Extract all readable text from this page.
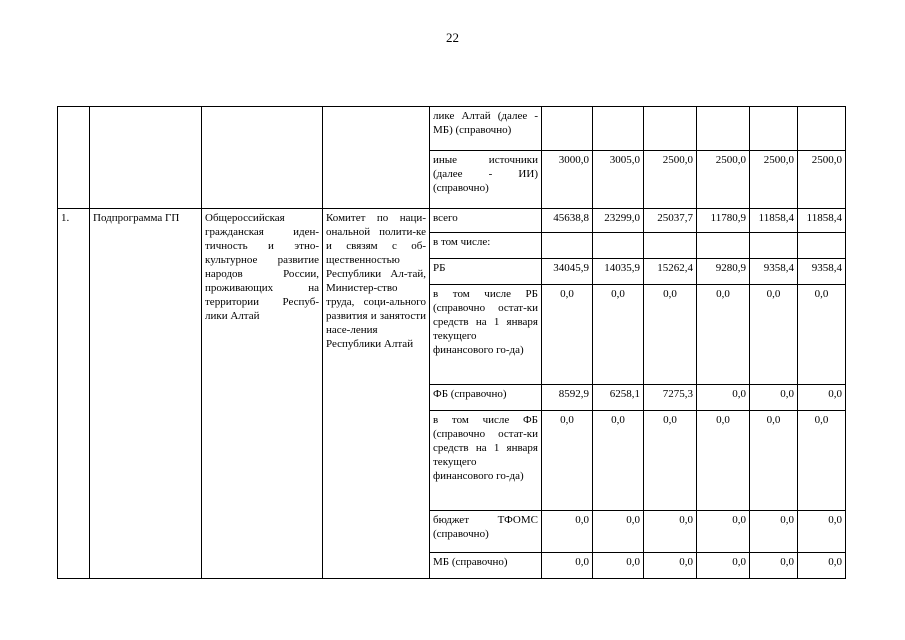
22
				лике Алтай (далее - МБ) (справочно)						
				иные источники (далее - ИИ) (справочно)	3000,0	3005,0	2500,0	2500,0	2500,0	2500,0
1.	Подпрограмма ГП	Общероссийская гражданская иден-тичность и этно-культурное развитие народов России, проживающих на территории Респуб-лики Алтай	Комитет по наци-ональной полити-ке и связям с об-щественностью Республики Ал-тай, Министер-ство труда, соци-ального развития и занятости насе-ления Республики Алтай	всего	45638,8	23299,0	25037,7	11780,9	11858,4	11858,4
				в том числе:						
				РБ	34045,9	14035,9	15262,4	9280,9	9358,4	9358,4
				в том числе РБ (справочно остат-ки средств на 1 января текущего финансового го-да)	0,0	0,0	0,0	0,0	0,0	0,0
				ФБ (справочно)	8592,9	6258,1	7275,3	0,0	0,0	0,0
				в том числе ФБ (справочно остат-ки средств на 1 января текущего финансового го-да)	0,0	0,0	0,0	0,0	0,0	0,0
				бюджет ТФОМС (справочно)	0,0	0,0	0,0	0,0	0,0	0,0
				МБ (справочно)	0,0	0,0	0,0	0,0	0,0	0,0
